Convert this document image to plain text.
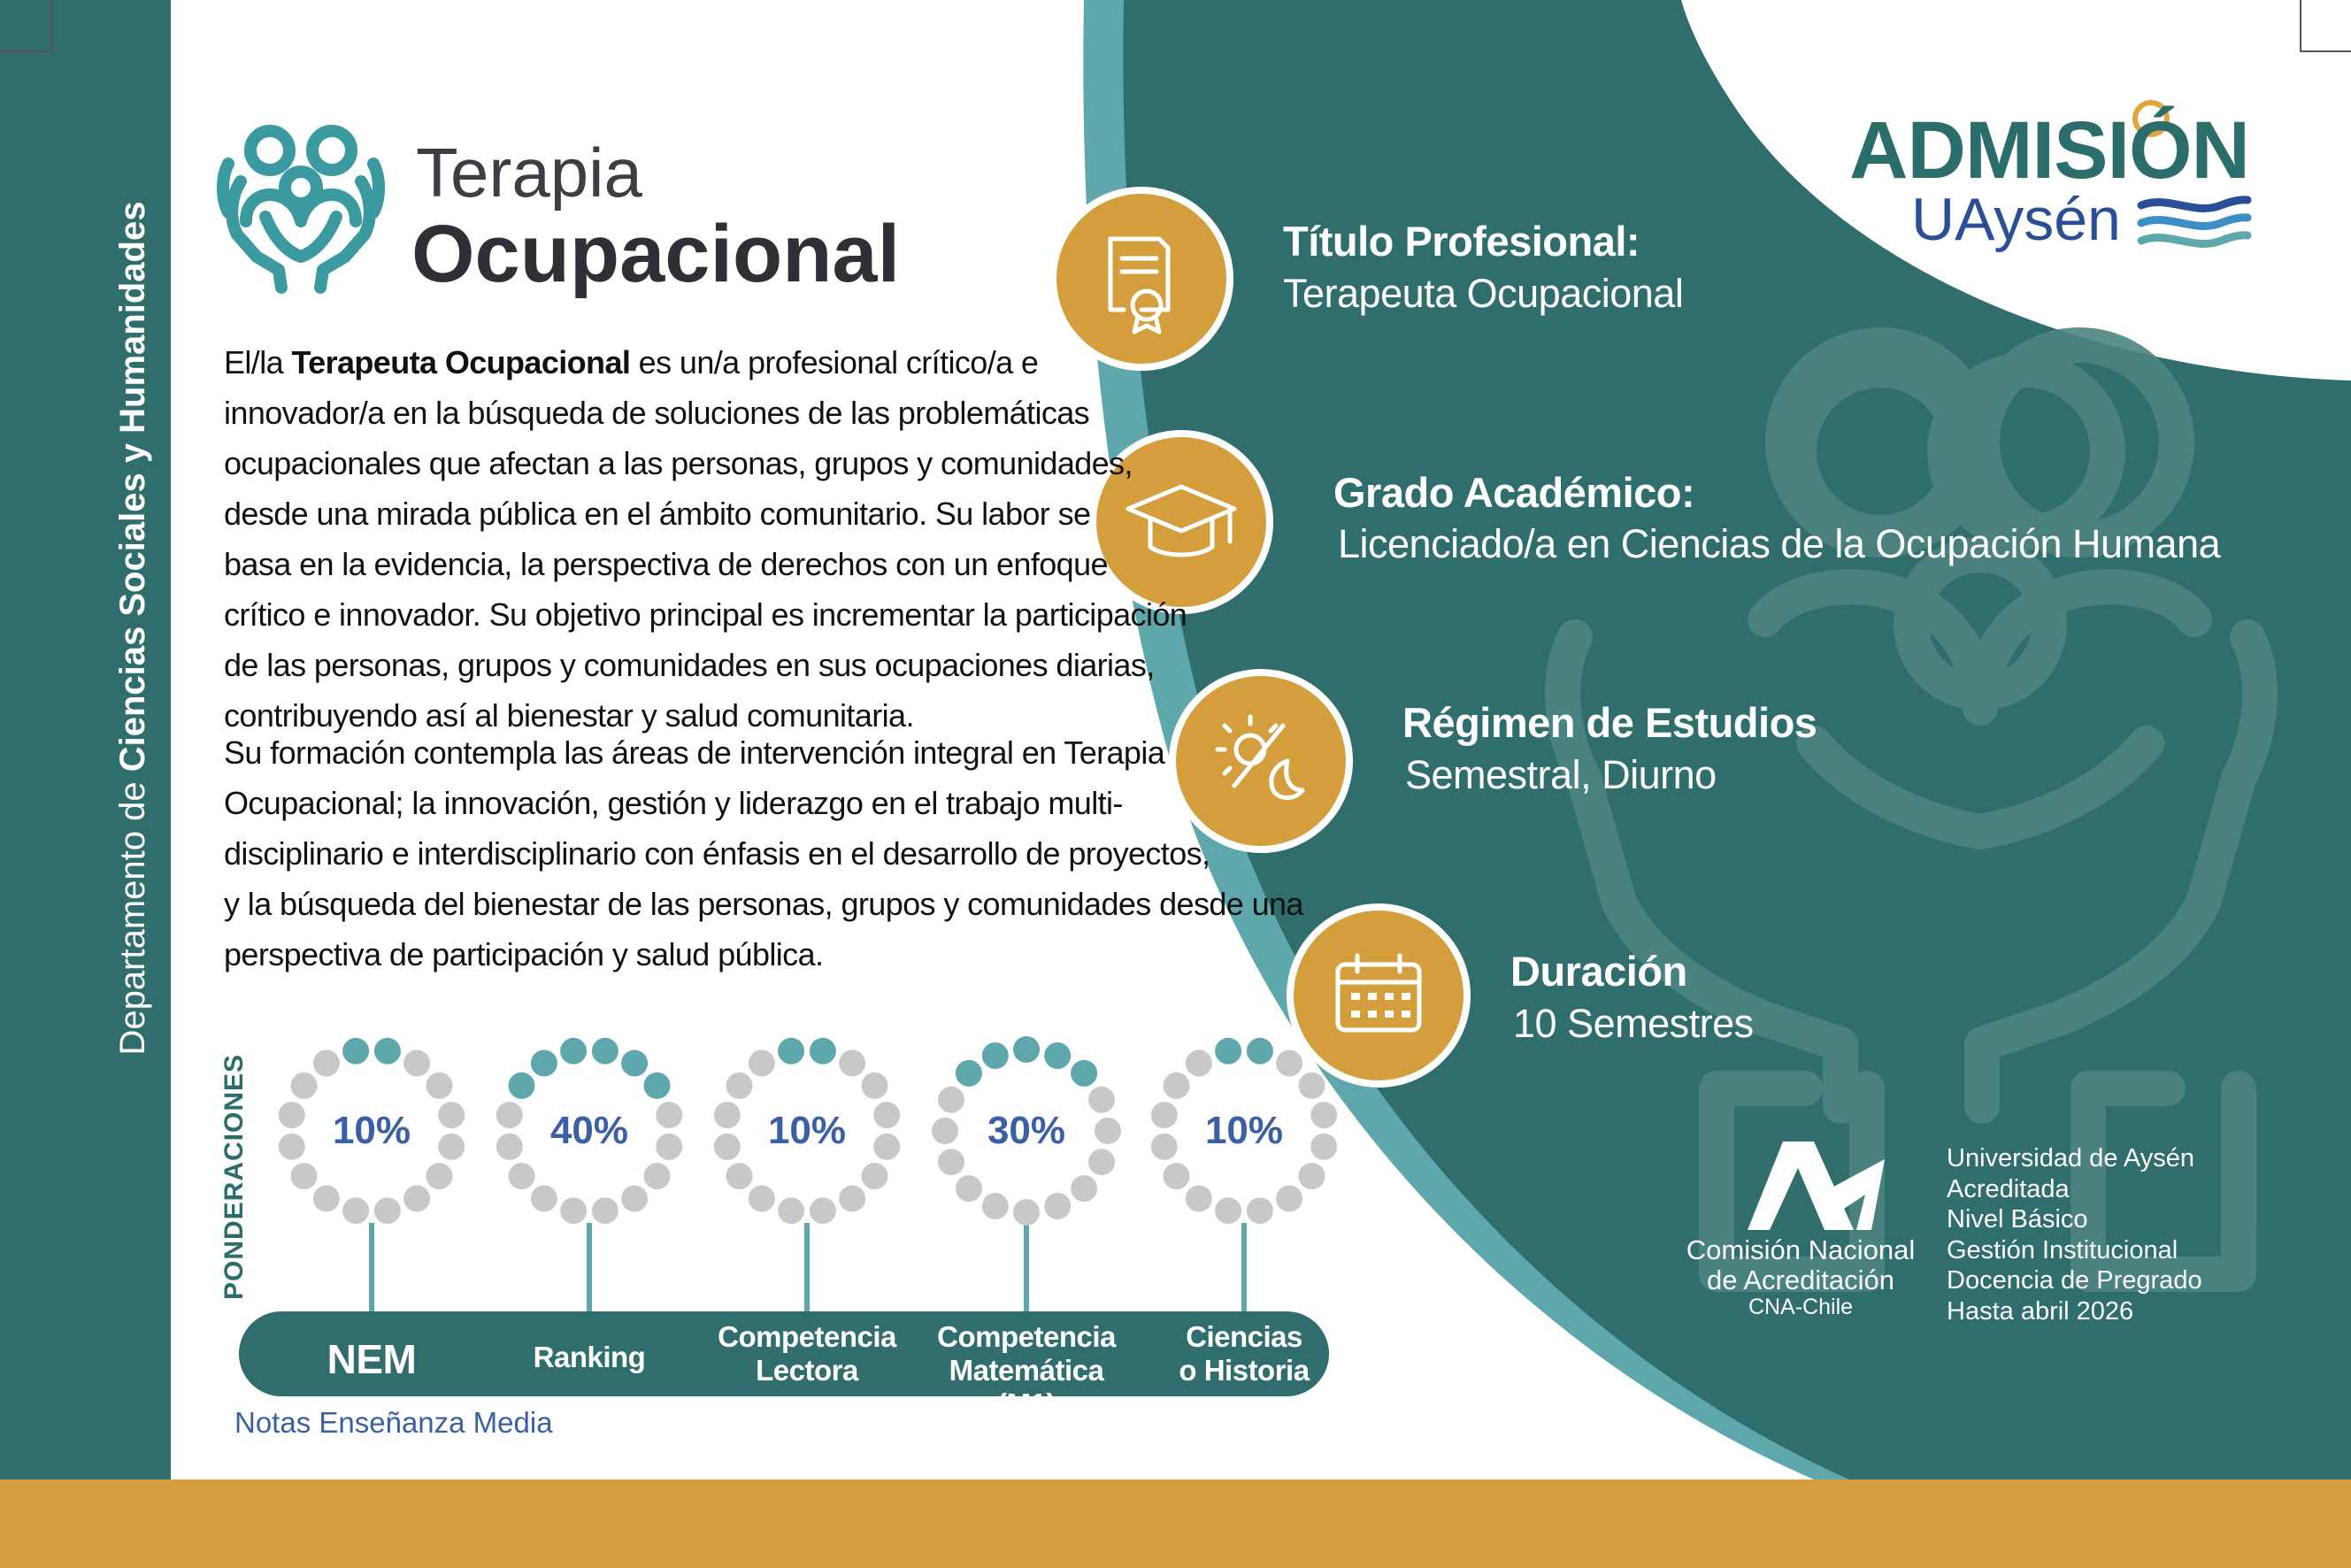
Departamento de Ciencias Sociales y Humanidades
Terapia
Ocupacional
ADMISIÓN
UAysén
El/la Terapeuta Ocupacional es un/a profesional crítico/a e
innovador/a en la búsqueda de soluciones de las problemáticas
ocupacionales que afectan a las personas, grupos y comunidades,
desde una mirada pública en el ámbito comunitario. Su labor se
basa en la evidencia, la perspectiva de derechos con un enfoque
crítico e innovador. Su objetivo principal es incrementar la participación
de las personas, grupos y comunidades en sus ocupaciones diarias,
contribuyendo así al bienestar y salud comunitaria.
Su formación contempla las áreas de intervención integral en Terapia
Ocupacional; la innovación, gestión y liderazgo en el trabajo multi-
disciplinario e interdisciplinario con énfasis en el desarrollo de proyectos,
y la búsqueda del bienestar de las personas, grupos y comunidades desde una
perspectiva de participación y salud pública.
Título Profesional:
Terapeuta Ocupacional
Grado Académico:
Licenciado/a en Ciencias de la Ocupación Humana
Régimen de Estudios
Semestral, Diurno
Duración
10 Semestres
PONDERACIONES	10%
NEM
40%
Ranking
10%
Competencia
Lectora
30%
Competencia
Matemática (M1)
10%
Ciencias
o Historia
Notas Enseñanza Media
Comisión Nacional
de Acreditación
CNA-Chile
Universidad de Aysén
Acreditada
Nivel Básico
Gestión Institucional
Docencia de Pregrado
Hasta abril 2026
